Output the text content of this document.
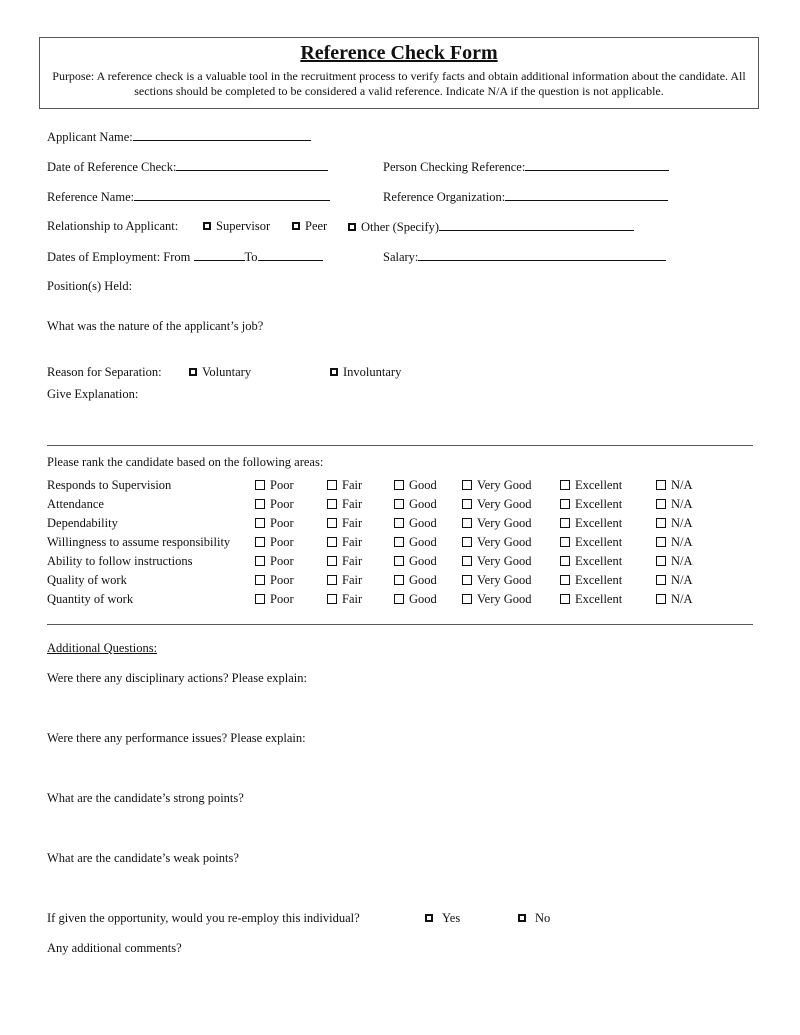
Reference Check Form
Purpose: A reference check is a valuable tool in the recruitment process to verify facts and obtain additional information about the candidate. All sections should be completed to be considered a valid reference. Indicate N/A if the question is not applicable.
Applicant Name:
Date of Reference Check:	Person Checking Reference:
Reference Name:	Reference Organization:
Relationship to Applicant:	Supervisor	Peer	Other (Specify)
Dates of Employment: From	To	Salary:
Position(s) Held:
What was the nature of the applicant’s job?
Reason for Separation:	Voluntary	Involuntary
Give Explanation:
Please rank the candidate based on the following areas:
Responds to Supervision	Poor	Fair	Good	Very Good	Excellent	N/A
Attendance	Poor	Fair	Good	Very Good	Excellent	N/A
Dependability	Poor	Fair	Good	Very Good	Excellent	N/A
Willingness to assume responsibility	Poor	Fair	Good	Very Good	Excellent	N/A
Ability to follow instructions	Poor	Fair	Good	Very Good	Excellent	N/A
Quality of work	Poor	Fair	Good	Very Good	Excellent	N/A
Quantity of work	Poor	Fair	Good	Very Good	Excellent	N/A
Additional Questions:
Were there any disciplinary actions? Please explain:
Were there any performance issues? Please explain:
What are the candidate’s strong points?
What are the candidate’s weak points?
If given the opportunity, would you re-employ this individual?	Yes	No
Any additional comments?
